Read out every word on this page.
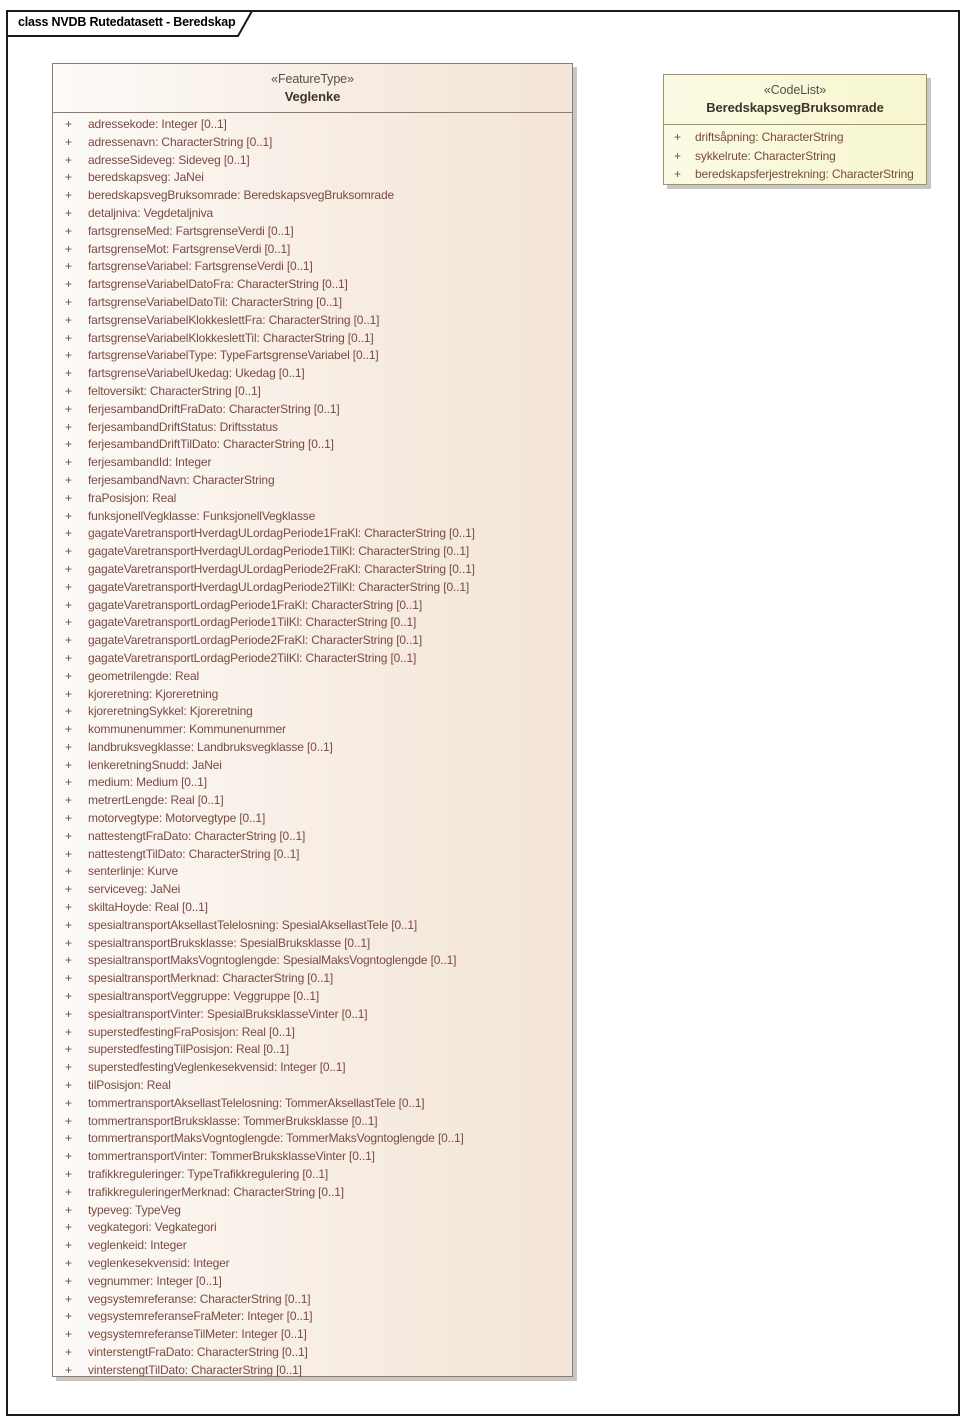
class NVDB Rutedatasett - Beredskap
«FeatureType»
Veglenke
+	adressekode: Integer [0..1]
+	adressenavn: CharacterString [0..1]
+	adresseSideveg: Sideveg [0..1]
+	beredskapsveg: JaNei
+	beredskapsvegBruksomrade: BeredskapsvegBruksomrade
+	detaljniva: Vegdetaljniva
+	fartsgrenseMed: FartsgrenseVerdi [0..1]
+	fartsgrenseMot: FartsgrenseVerdi [0..1]
+	fartsgrenseVariabel: FartsgrenseVerdi [0..1]
+	fartsgrenseVariabelDatoFra: CharacterString [0..1]
+	fartsgrenseVariabelDatoTil: CharacterString [0..1]
+	fartsgrenseVariabelKlokkeslettFra: CharacterString [0..1]
+	fartsgrenseVariabelKlokkeslettTil: CharacterString [0..1]
+	fartsgrenseVariabelType: TypeFartsgrenseVariabel [0..1]
+	fartsgrenseVariabelUkedag: Ukedag [0..1]
+	feltoversikt: CharacterString [0..1]
+	ferjesambandDriftFraDato: CharacterString [0..1]
+	ferjesambandDriftStatus: Driftsstatus
+	ferjesambandDriftTilDato: CharacterString [0..1]
+	ferjesambandId: Integer
+	ferjesambandNavn: CharacterString
+	fraPosisjon: Real
+	funksjonellVegklasse: FunksjonellVegklasse
+	gagateVaretransportHverdagULordagPeriode1FraKl: CharacterString [0..1]
+	gagateVaretransportHverdagULordagPeriode1TilKl: CharacterString [0..1]
+	gagateVaretransportHverdagULordagPeriode2FraKl: CharacterString [0..1]
+	gagateVaretransportHverdagULordagPeriode2TilKl: CharacterString [0..1]
+	gagateVaretransportLordagPeriode1FraKl: CharacterString [0..1]
+	gagateVaretransportLordagPeriode1TilKl: CharacterString [0..1]
+	gagateVaretransportLordagPeriode2FraKl: CharacterString [0..1]
+	gagateVaretransportLordagPeriode2TilKl: CharacterString [0..1]
+	geometrilengde: Real
+	kjoreretning: Kjoreretning
+	kjoreretningSykkel: Kjoreretning
+	kommunenummer: Kommunenummer
+	landbruksvegklasse: Landbruksvegklasse [0..1]
+	lenkeretningSnudd: JaNei
+	medium: Medium [0..1]
+	metrertLengde: Real [0..1]
+	motorvegtype: Motorvegtype [0..1]
+	nattestengtFraDato: CharacterString [0..1]
+	nattestengtTilDato: CharacterString [0..1]
+	senterlinje: Kurve
+	serviceveg: JaNei
+	skiltaHoyde: Real [0..1]
+	spesialtransportAksellastTelelosning: SpesialAksellastTele [0..1]
+	spesialtransportBruksklasse: SpesialBruksklasse [0..1]
+	spesialtransportMaksVogntoglengde: SpesialMaksVogntoglengde [0..1]
+	spesialtransportMerknad: CharacterString [0..1]
+	spesialtransportVeggruppe: Veggruppe [0..1]
+	spesialtransportVinter: SpesialBruksklasseVinter [0..1]
+	superstedfestingFraPosisjon: Real [0..1]
+	superstedfestingTilPosisjon: Real [0..1]
+	superstedfestingVeglenkesekvensid: Integer [0..1]
+	tilPosisjon: Real
+	tommertransportAksellastTelelosning: TommerAksellastTele [0..1]
+	tommertransportBruksklasse: TommerBruksklasse [0..1]
+	tommertransportMaksVogntoglengde: TommerMaksVogntoglengde [0..1]
+	tommertransportVinter: TommerBruksklasseVinter [0..1]
+	trafikkreguleringer: TypeTrafikkregulering [0..1]
+	trafikkreguleringerMerknad: CharacterString [0..1]
+	typeveg: TypeVeg
+	vegkategori: Vegkategori
+	veglenkeid: Integer
+	veglenkesekvensid: Integer
+	vegnummer: Integer [0..1]
+	vegsystemreferanse: CharacterString [0..1]
+	vegsystemreferanseFraMeter: Integer [0..1]
+	vegsystemreferanseTilMeter: Integer [0..1]
+	vinterstengtFraDato: CharacterString [0..1]
+	vinterstengtTilDato: CharacterString [0..1]
«CodeList»
BeredskapsvegBruksomrade
+	driftsåpning: CharacterString
+	sykkelrute: CharacterString
+	beredskapsferjestrekning: CharacterString
